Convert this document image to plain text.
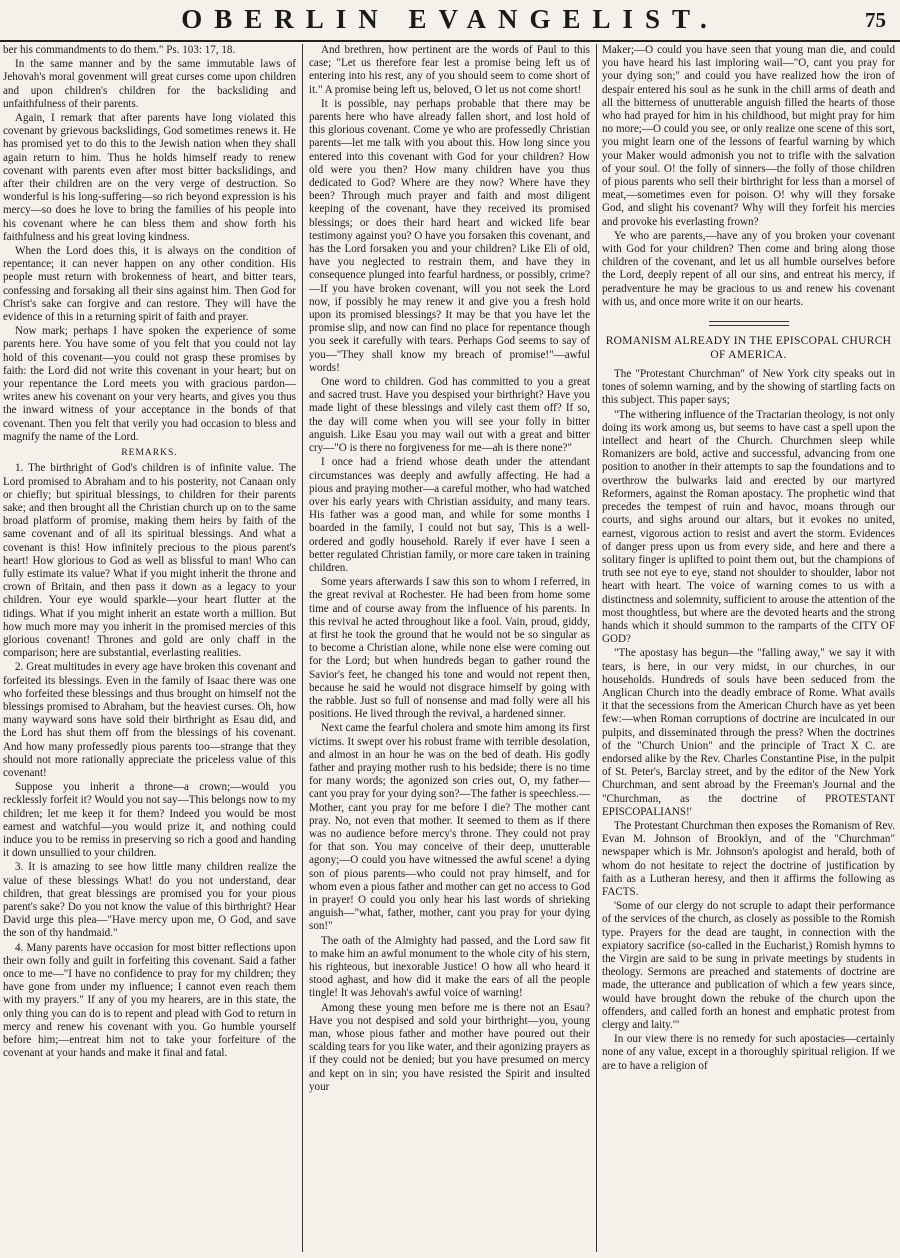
OBERLIN EVANGELIST.	75

ber his commandments to do them." Ps. 103: 17, 18.

In the same manner and by the same immutable laws of Jehovah's moral govenment will great curses come upon children and upon children's children for the backsliding and unfaithfulness of their parents.

Again, I remark that after parents have long violated this covenant by grievous backslidings, God sometimes renews it. He has promised yet to do this to the Jewish nation when they shall again return to him. Thus he holds himself ready to renew covenant with parents even after most bitter backslidings, and after their children are on the very verge of destruction. So wonderful is his long-suffering—so rich beyond expression is his mercy—so does he love to bring the families of his people into his covenant where he can bless them and show forth his faithfulness and his great loving kindness.

When the Lord does this, it is always on the condition of repentance; it can never happen on any other condition. His people must return with brokenness of heart, and bitter tears, confessing and forsaking all their sins against him. Then God for Christ's sake can forgive and can restore. They will have the evidence of this in a returning spirit of faith and prayer.

Now mark; perhaps I have spoken the experience of some parents here. You have some of you felt that you could not lay hold of this covenant—you could not grasp these promises by faith: the Lord did not write this covenant in your heart; but on your repentance the Lord meets you with gracious pardon—writes anew his covenant on your very hearts, and gives you thus the inward witness of your acceptance in the bonds of that covenant. Then you felt that verily you had occasion to bless and magnify the name of the Lord.

REMARKS.

1. The birthright of God's children is of infinite value. The Lord promised to Abraham and to his posterity, not Canaan only or chiefly; but spiritual blessings, to children for their parents sake; and then brought all the Christian church up on to the same broad platform of promise, making them heirs by faith of the same covenant and of all its spiritual blessings. And what a covenant is this! How infinitely precious to the pious parent's heart! How glorious to God as well as blissful to man! Who can fully estimate its value? What if you might inherit the throne and crown of Britain, and then pass it down as a legacy to your children. Your eye would sparkle—your heart flutter at the tidings. What if you might inherit an estate worth a million. But how much more may you inherit in the promised mercies of this glorious covenant! Thrones and gold are only chaff in the comparison; here are substantial, everlasting realities.

2. Great multitudes in every age have broken this covenant and forfeited its blessings. Even in the family of Isaac there was one who forfeited these blessings and thus brought on himself not the blessings promised to Abraham, but the heaviest curses. Oh, how many wayward sons have sold their birthright as Esau did, and the Lord has shut them off from the blessings of his covenant. And how many professedly pious parents too—strange that they should not more rationally appreciate the priceless value of this covenant!

Suppose you inherit a throne—a crown;—would you recklessly forfeit it? Would you not say—This belongs now to my children; let me keep it for them? Indeed you would be most earnest and watchful—you would prize it, and nothing could induce you to be remiss in preserving so rich a good and handing it down unsullied to your children.

3. It is amazing to see how little many children realize the value of these blessings What! do you not understand, dear children, that great blessings are promised you for your pious parent's sake? Do you not know the value of this birthright? Hear David urge this plea—"Have mercy upon me, O God, and save the son of thy handmaid."

4. Many parents have occasion for most bitter reflections upon their own folly and guilt in forfeiting this covenant. Said a father once to me—"I have no confidence to pray for my children; they have gone from under my influence; I cannot even reach them with my prayers." If any of you my hearers, are in this state, the only thing you can do is to repent and plead with God to return in mercy and renew his covenant with you. Go humble yourself before him;—entreat him not to take your forfeiture of the covenant at your hands and make it final and fatal.

And brethren, how pertinent are the words of Paul to this case; "Let us therefore fear lest a promise being left us of entering into his rest, any of you should seem to come short of it." A promise being left us, beloved, O let us not come short!

It is possible, nay perhaps probable that there may be parents here who have already fallen short, and lost hold of this glorious covenant. Come ye who are professedly Christian parents—let me talk with you about this. How long since you entered into this covenant with God for your children? How old were you then? How many children have you thus dedicated to God? Where are they now? Where have they been? Through much prayer and faith and most diligent keeping of the covenant, have they received its promised blessings; or does their hard heart and wicked life bear testimony against you? O have you forsaken this covenant, and has the Lord forsaken you and your children? Like Eli of old, have you neglected to restrain them, and have they in consequence plunged into fearful hardness, or possibly, crime?—If you have broken covenant, will you not seek the Lord now, if possibly he may renew it and give you a fresh hold upon its promised blessings? It may be that you have let the promise slip, and now can find no place for repentance though you seek it carefully with tears. Perhaps God seems to say of you—"They shall know my breach of promise!"—awful words!

One word to children. God has committed to you a great and sacred trust. Have you despised your birthright? Have you made light of these blessings and vilely cast them off? If so, the day will come when you will see your folly in bitter anguish. Like Esau you may wail out with a great and bitter cry—"O is there no forgiveness for me—ah is there none?"

I once had a friend whose death under the attendant circumstances was deeply and awfully affecting. He had a pious and praying mother—a careful mother, who had watched over his early years with Christian assiduity, and many tears. His father was a good man, and while for some months I boarded in the family, I could not but say, This is a well-ordered and godly household. Rarely if ever have I seen a better regulated Christian family, or more care taken in training children.

Some years afterwards I saw this son to whom I referred, in the great revival at Rochester. He had been from home some time and of course away from the influence of his parents. In this revival he acted throughout like a fool. Vain, proud, giddy, at first he took the ground that he would not be so singular as to become a Christian alone, while none else were coming out for the Lord; but when hundreds began to gather round the Savior's feet, he changed his tone and would not repent then, because he said he would not disgrace himself by going with the rabble. Just so full of nonsense and mad folly were all his positions. He lived through the revival, a hardened sinner.

Next came the fearful cholera and smote him among its first victims. It swept over his robust frame with terrible desolation, and almost in an hour he was on the bed of death. His godly father and praying mother rush to his bedside; there is no time for many words; the agonized son cries out, O, my father—cant you pray for your dying son?—The father is speechless.—Mother, cant you pray for me before I die? The mother cant pray. No, not even that mother. It seemed to them as if there was no audience before mercy's throne. They could not pray for that son. You may conceive of their deep, unutterable agony;—O could you have witnessed the awful scene! a dying son of pious parents—who could not pray himself, and for whom even a pious father and mother can get no access to God in prayer! O could you only hear his last words of shrieking anguish—"what, father, mother, cant you pray for your dying son!"

The oath of the Almighty had passed, and the Lord saw fit to make him an awful monument to the whole city of his stern, his righteous, but inexorable Justice! O how all who heard it stood aghast, and how did it make the ears of all the people tingle! It was Jehovah's awful voice of warning!

Among these young men before me is there not an Esau? Have you not despised and sold your birthright—you, young man, whose pious father and mother have poured out their scalding tears for you like water, and their agonizing prayers as if they could not be denied; but you have presumed on mercy and kept on in sin; you have resisted the Spirit and insulted your

Maker;—O could you have seen that young man die, and could you have heard his last imploring wail—"O, cant you pray for your dying son;" and could you have realized how the iron of despair entered his soul as he sunk in the chill arms of death and all the bitterness of unutterable anguish filled the hearts of those who had prayed for him in his childhood, but might pray for him no more;—O could you see, or only realize one scene of this sort, you might learn one of the lessons of fearful warning by which your Maker would admonish you not to trifle with the salvation of your soul. O! the folly of sinners—the folly of those children of pious parents who sell their birthright for less than a morsel of meat,—sometimes even for poison. O! why will they forsake God, and slight his covenant? Why will they forfeit his mercies and provoke his everlasting frown?

Ye who are parents,—have any of you broken your covenant with God for your children? Then come and bring along those children of the covenant, and let us all humble ourselves before the Lord, deeply repent of all our sins, and entreat his mercy, if peradventure he may be gracious to us and renew his covenant with us, and once more write it on our hearts.

ROMANISM ALREADY IN THE EPISCOPAL CHURCH OF AMERICA.

The "Protestant Churchman" of New York city speaks out in tones of solemn warning, and by the showing of startling facts on this subject. This paper says;

"The withering influence of the Tractarian theology, is not only doing its work among us, but seems to have cast a spell upon the intellect and heart of the Church. Churchmen sleep while Romanizers are bold, active and successful, advancing from one position to another in their attempts to sap the foundations and to overthrow the bulwarks laid and erected by our martyred Reformers, against the Roman apostacy. The prophetic wind that precedes the tempest of ruin and havoc, moans through our courts, and sighs around our altars, but it evokes no united, earnest, vigorous action to resist and avert the storm. Evidences of danger press upon us from every side, and here and there a solitary finger is uplifted to point them out, but the champions of truth see not eye to eye, stand not shoulder to shoulder, labor not heart with heart. The voice of warning comes to us with a distinctness and solemnity, sufficient to arouse the attention of the most thoughtless, but where are the devoted hearts and the strong hands which it should summon to the ramparts of the CITY OF GOD?

"The apostasy has begun—the "falling away," we say it with tears, is here, in our very midst, in our churches, in our households. Hundreds of souls have been seduced from the Anglican Church into the deadly embrace of Rome. What avails it that the secessions from the American Church have as yet been few:—when Roman corruptions of doctrine are inculcated in our pulpits, and disseminated through the press? When the doctrines of the "Church Union" and the principle of Tract X C. are endorsed alike by the Rev. Charles Constantine Pise, in the pulpit of St. Peter's, Barclay street, and by the editor of the New York Churchman, and sent abroad by the Freeman's Journal and the "Churchman, as the doctrine of PROTESTANT EPISCOPALIANS!'

The Protestant Churchman then exposes the Romanism of Rev. Evan M. Johnson of Brooklyn, and of the "Churchman" newspaper which is Mr. Johnson's apologist and herald, both of whom do not hesitate to reject the doctrine of justification by faith as a Lutheran heresy, and then it affirms the following as FACTS.

'Some of our clergy do not scruple to adapt their performance of the services of the church, as closely as possible to the Romish type. Prayers for the dead are taught, in connection with the expiatory sacrifice (so-called in the Eucharist,) Romish hymns to the Virgin are said to be sung in private meetings by students in theology. Sermons are preached and statements of doctrine are made, the utterance and publication of which a few years since, would have brought down the rebuke of the church upon the offenders, and called forth an honest and emphatic protest from clergy and laity.'"

In our view there is no remedy for such apostacies—certainly none of any value, except in a thoroughly spiritual religion. If we are to have a religion of
